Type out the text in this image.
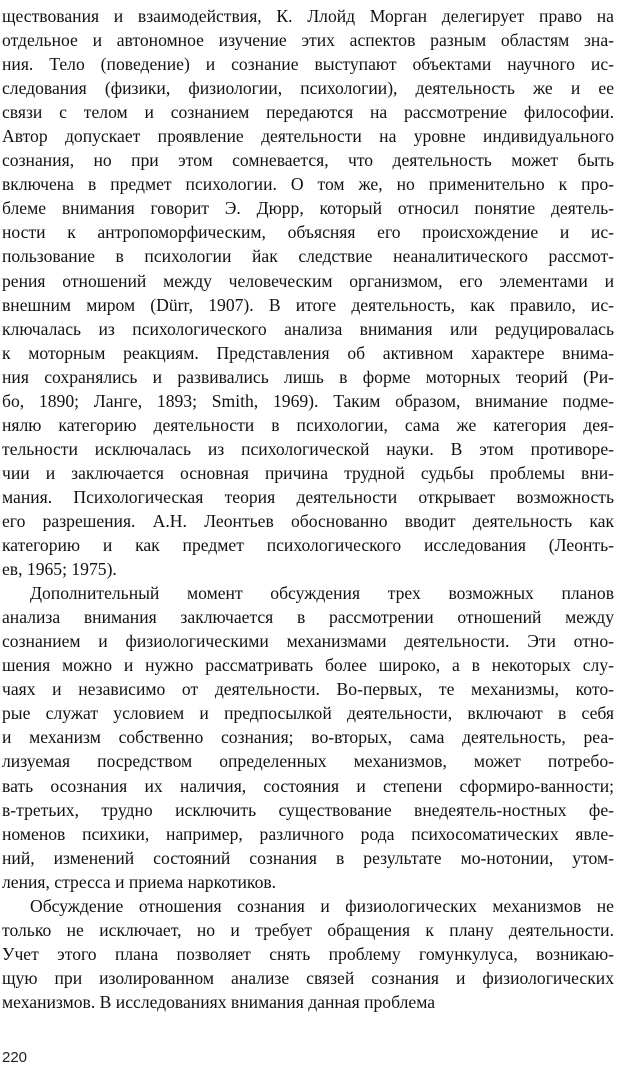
ществования и взаимодействия, К. Ллойд Морган делегирует право на
отдельное и автономное изучение этих аспектов разным областям зна-
ния. Тело (поведение) и сознание выступают объектами научного ис-
следования (физики, физиологии, психологии), деятельность же и ее
связи с телом и сознанием передаются на рассмотрение философии.
Автор допускает проявление деятельности на уровне индивидуального
сознания, но при этом сомневается, что деятельность может быть
включена в предмет психологии. О том же, но применительно к про-
блеме внимания говорит Э. Дюрр, который относил понятие деятель-
ности к антропоморфическим, объясняя его происхождение и ис-
пользование в психологии йак следствие неаналитического рассмот-
рения отношений между человеческим организмом, его элементами и
внешним миром (Dürr, 1907). В итоге деятельность, как правило, ис-
ключалась из психологического анализа внимания или редуцировалась
к моторным реакциям. Представления об активном характере внима-
ния сохранялись и развивались лишь в форме моторных теорий (Ри-
бо, 1890; Ланге, 1893; Smith, 1969). Таким образом, внимание подме-
нялю категорию деятельности в психологии, сама же категория дея-
тельности исключалась из психологической науки. В этом противоре-
чии и заключается основная причина трудной судьбы проблемы вни-
мания. Психологическая теория деятельности открывает возможность
его разрешения. А.Н. Леонтьев обоснованно вводит деятельность как
категорию и как предмет психологического исследования (Леонть-
ев, 1965; 1975).
Дополнительный момент обсуждения трех возможных планов
анализа внимания заключается в рассмотрении отношений между
сознанием и физиологическими механизмами деятельности. Эти отно-
шения можно и нужно рассматривать более широко, а в некоторых слу-
чаях и независимо от деятельности. Во-первых, те механизмы, кото-
рые служат условием и предпосылкой деятельности, включают в себя
и механизм собственно сознания; во-вторых, сама деятельность, реа-
лизуемая посредством определенных механизмов, может потребо-
вать осознания их наличия, состояния и степени сформиро-ванности;
в-третьих, трудно исключить существование внедеятель-ностных фе-
номенов психики, например, различного рода психосоматических явле-
ний, изменений состояний сознания в результате мо-нотонии, утом-
ления, стресса и приема наркотиков.
Обсуждение отношения сознания и физиологических механизмов не
только не исключает, но и требует обращения к плану деятельности.
Учет этого плана позволяет снять проблему гомункулуса, возникаю-
щую при изолированном анализе связей сознания и физиологических
механизмов. В исследованиях внимания данная проблема
220
